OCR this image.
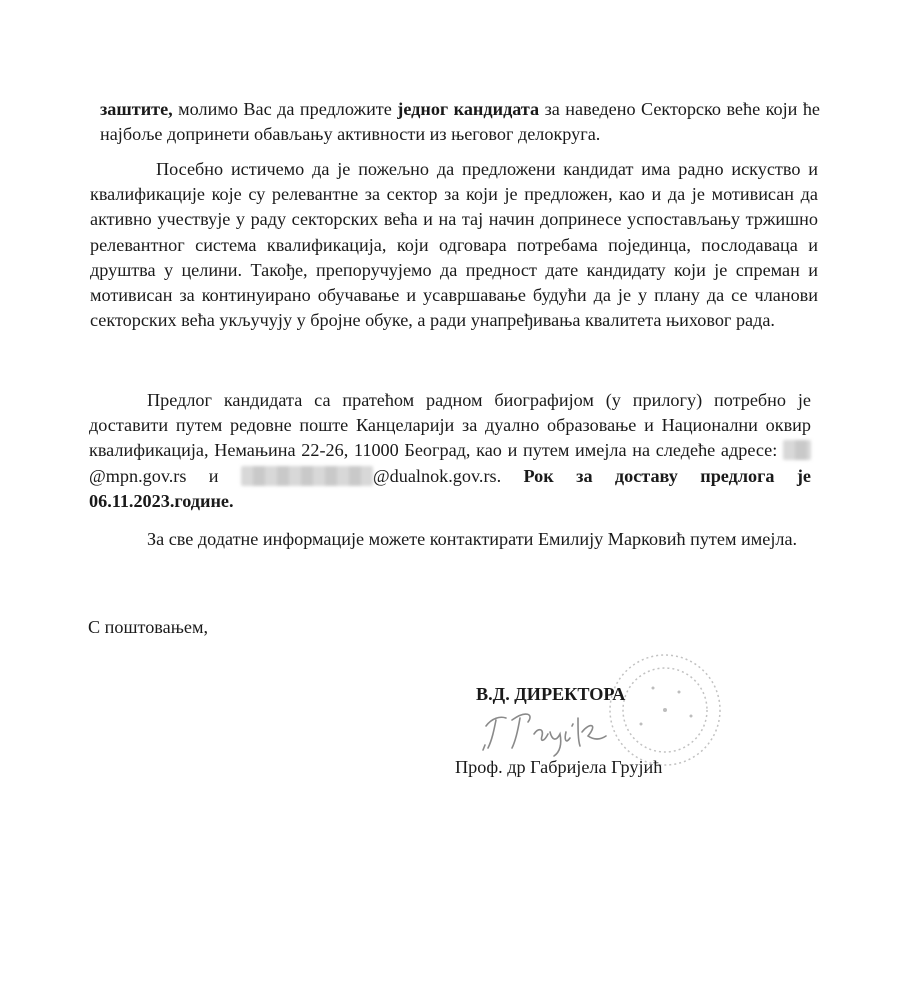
заштите, молимо Вас да предложите једног кандидата за наведено Секторско веће који ће најбоље допринети обављању активности из његовог делокруга.

Посебно истичемо да је пожељно да предложени кандидат има радно искуство и квалификације које су релевантне за сектор за који је предложен, као и да је мотивисан да активно учествује у раду секторских већа и на тај начин допринесе успостављању тржишно релевантног система квалификација, који одговара потребама појединца, послодаваца и друштва у целини. Такође, препоручујемо да предност дате кандидату који је спреман и мотивисан за континуирано обучавање и усавршавање будући да је у плану да се чланови секторских већа укључују у бројне обуке, а ради унапређивања квалитета њиховог рада.

Предлог кандидата са пратећом радном биографијом (у прилогу) потребно је доставити путем редовне поште Канцеларији за дуално образовање и Национални оквир квалификација, Немањина 22-26, 11000 Београд, као и путем имејла на следеће адресе: @mpn.gov.rs и	@dualnok.gov.rs. Рок за доставу предлога је 06.11.2023.године.

За све додатне информације можете контактирати Емилију Марковић путем имејла.

С поштовањем,

В.Д. ДИРЕКТОРА

Проф. др Габријела Грујић
